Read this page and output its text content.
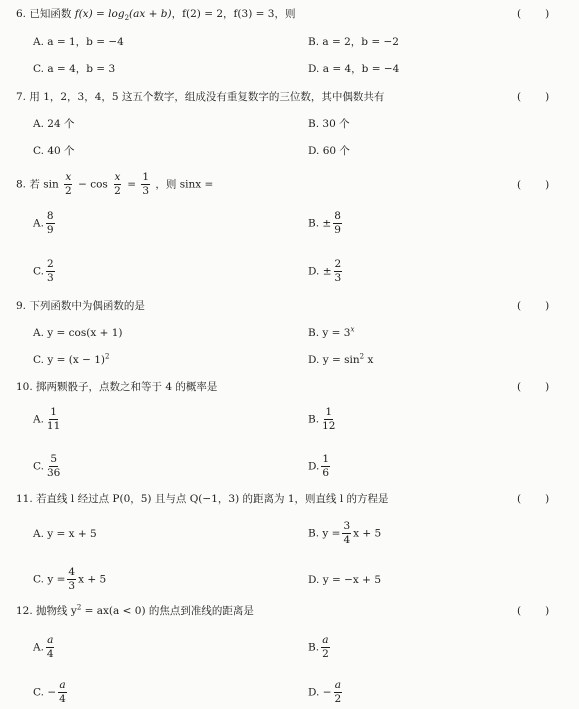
6. 已知函数 $f(x) = \log_2(ax + b)$，f(2) = 2，f(3) = 3，则	( )
A. a = 1，b = −4	B. a = 2，b = −2
C. a = 4，b = 3	D. a = 4，b = −4
7. 用 1，2，3，4，5 这五个数字，组成没有重复数字的三位数，其中偶数共有	( )
A. 24 个	B. 30 个
C. 40 个	D. 60 个
8. 若 $\sin \frac{x}{2} - \cos \frac{x}{2} = \frac{1}{3}$ ，则 sinx =	( )
A. $\frac{8}{9}$	B. ± $\frac{8}{9}$
C. $\frac{2}{3}$	D. ± $\frac{2}{3}$
9. 下列函数中为偶函数的是	( )
A. y = cos(x + 1)	B. $y = 3^x$
C. $y = (x - 1)^2$	D. $y = \sin^2 x$
10. 掷两颗骰子，点数之和等于 4 的概率是	( )
A. $\frac{1}{11}$	B. $\frac{1}{12}$
C. $\frac{5}{36}$	D. $\frac{1}{6}$
11. 若直线 l 经过点 P(0，5) 且与点 Q(−1，3) 的距离为 1，则直线 l 的方程是	( )
A. y = x + 5	B. $y = \frac{3}{4}$ x + 5
C. $y = \frac{4}{3}$ x + 5	D. y = −x + 5
12. 抛物线 $y^2 = ax(a < 0)$ 的焦点到准线的距离是	( )
A. $\frac{a}{4}$	B. $\frac{a}{2}$
C. − $\frac{a}{4}$	D. − $\frac{a}{2}$
